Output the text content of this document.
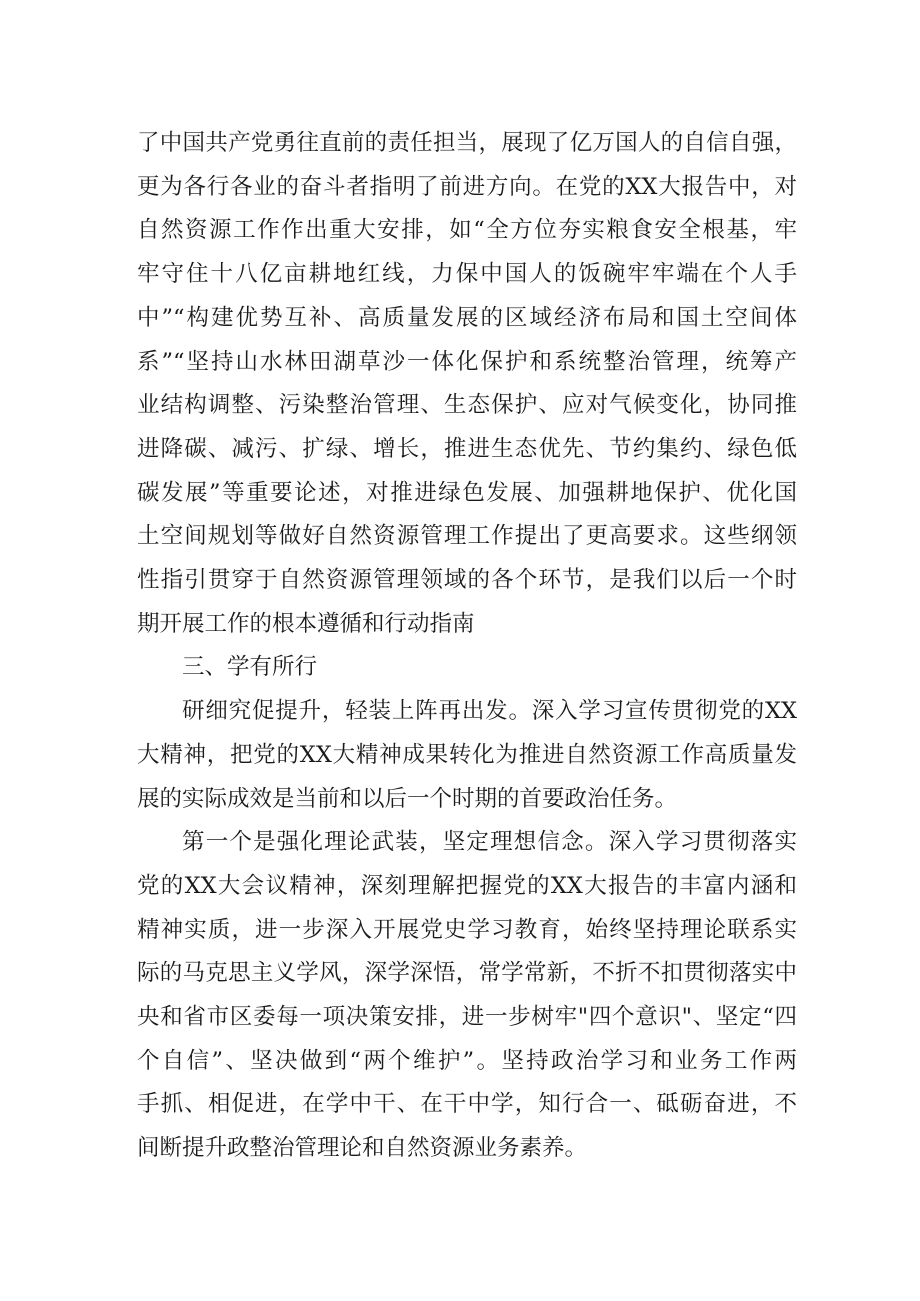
了中国共产党勇往直前的责任担当，展现了亿万国人的自信自强，
更为各行各业的奋斗者指明了前进方向。在党的XX大报告中，对
自然资源工作作出重大安排，如“全方位夯实粮食安全根基，牢
牢守住十八亿亩耕地红线，力保中国人的饭碗牢牢端在个人手
中”“构建优势互补、高质量发展的区域经济布局和国土空间体
系”“坚持山水林田湖草沙一体化保护和系统整治管理，统筹产
业结构调整、污染整治管理、生态保护、应对气候变化，协同推
进降碳、减污、扩绿、增长，推进生态优先、节约集约、绿色低
碳发展”等重要论述，对推进绿色发展、加强耕地保护、优化国
土空间规划等做好自然资源管理工作提出了更高要求。这些纲领
性指引贯穿于自然资源管理领域的各个环节，是我们以后一个时
期开展工作的根本遵循和行动指南
三、学有所行
研细究促提升，轻装上阵再出发。深入学习宣传贯彻党的XX
大精神，把党的XX大精神成果转化为推进自然资源工作高质量发
展的实际成效是当前和以后一个时期的首要政治任务。
第一个是强化理论武装，坚定理想信念。深入学习贯彻落实
党的XX大会议精神，深刻理解把握党的XX大报告的丰富内涵和
精神实质，进一步深入开展党史学习教育，始终坚持理论联系实
际的马克思主义学风，深学深悟，常学常新，不折不扣贯彻落实中
央和省市区委每一项决策安排，进一步树牢"四个意识"、坚定“四
个自信”、坚决做到“两个维护”。坚持政治学习和业务工作两
手抓、相促进，在学中干、在干中学，知行合一、砥砺奋进，不
间断提升政整治管理论和自然资源业务素养。
